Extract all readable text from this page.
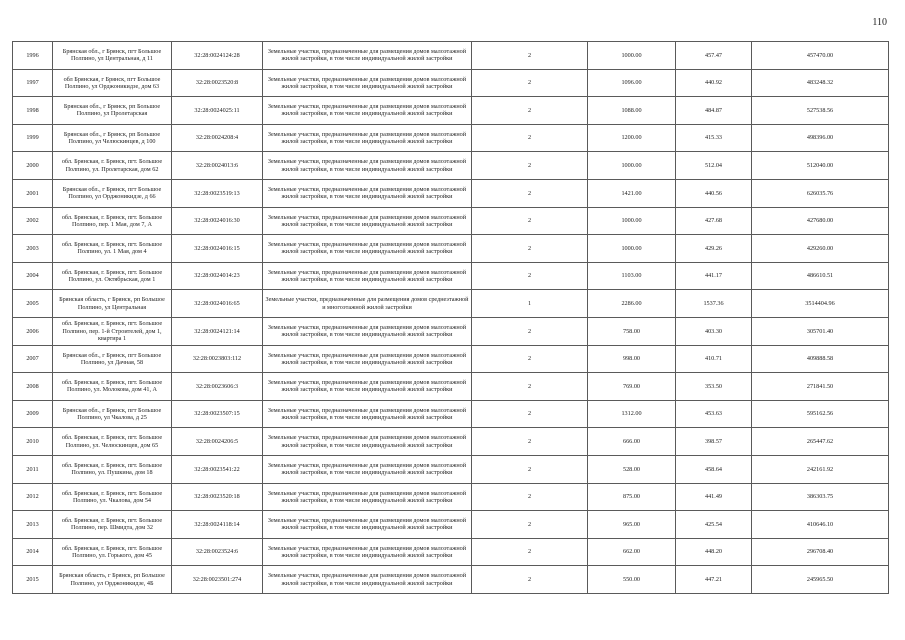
110
1996	Брянская обл., г Брянск, пгт Большое Полпино, ул Центральная, д 11	32:28:0024124:28	Земельные участки, предназначенные для размещения домов малоэтажной жилой застройки, в том числе индивидуальной жилой застройки	2	1000.00	457.47	457470.00
1997	обл Брянская, г Брянск, пгт Большое Полпино, ул Орджоникидзе, дом 63	32:28:0023520:8	Земельные участки, предназначенные для размещения домов малоэтажной жилой застройки, в том числе индивидуальной жилой застройки	2	1096.00	440.92	483248.32
1998	Брянская обл., г Брянск, рп Большое Полпино, ул Пролетарская	32:28:0024025:11	Земельные участки, предназначенные для размещения домов малоэтажной жилой застройки, в том числе индивидуальной жилой застройки	2	1088.00	484.87	527538.56
1999	Брянская обл., г Брянск, рп Большое Полпино, ул Челюскинцев, д 100	32:28:0024208:4	Земельные участки, предназначенные для размещения домов малоэтажной жилой застройки, в том числе индивидуальной жилой застройки	2	1200.00	415.33	498396.00
2000	обл. Брянская, г. Брянск, пгт. Большое Полпино, ул. Пролетарская, дом 62	32:28:0024013:6	Земельные участки, предназначенные для размещения домов малоэтажной жилой застройки, в том числе индивидуальной жилой застройки	2	1000.00	512.04	512040.00
2001	Брянская обл., г Брянск, пгт Большое Полпино, ул Орджоникидзе, д 66	32:28:0023519:13	Земельные участки, предназначенные для размещения домов малоэтажной жилой застройки, в том числе индивидуальной жилой застройки	2	1421.00	440.56	626035.76
2002	обл. Брянская, г. Брянск, пгт. Большое Полпино, пер. 1 Мая, дом 7, А	32:28:0024016:30	Земельные участки, предназначенные для размещения домов малоэтажной жилой застройки, в том числе индивидуальной жилой застройки	2	1000.00	427.68	427680.00
2003	обл. Брянская, г. Брянск, пгт. Большое Полпино, ул. 1 Мая, дом 4	32:28:0024016:15	Земельные участки, предназначенные для размещения домов малоэтажной жилой застройки, в том числе индивидуальной жилой застройки	2	1000.00	429.26	429260.00
2004	обл. Брянская, г. Брянск, пгт. Большое Полпино, ул. Октябрьская, дом 1	32:28:0024014:23	Земельные участки, предназначенные для размещения домов малоэтажной жилой застройки, в том числе индивидуальной жилой застройки	2	1103.00	441.17	486610.51
2005	Брянская область, г Брянск, рп Большое Полпино, ул Центральная	32:28:0024016:65	Земельные участки, предназначенные для размещения домов среднеэтажной и многоэтажной жилой застройки	1	2286.00	1537.36	3514404.96
2006	обл. Брянская, г. Брянск, пгт. Большое Полпино, пер. 1-й Строителей, дом 1, квартира 1	32:28:0024121:14	Земельные участки, предназначенные для размещения домов малоэтажной жилой застройки, в том числе индивидуальной жилой застройки	2	758.00	403.30	305701.40
2007	Брянская обл., г Брянск, пгт Большое Полпино, ул Дачная, 58	32:28:0023803:112	Земельные участки, предназначенные для размещения домов малоэтажной жилой застройки, в том числе индивидуальной жилой застройки	2	998.00	410.71	409888.58
2008	обл. Брянская, г. Брянск, пгт. Большое Полпино, ул. Молокова, дом 41, А	32:28:0023606:3	Земельные участки, предназначенные для размещения домов малоэтажной жилой застройки, в том числе индивидуальной жилой застройки	2	769.00	353.50	271841.50
2009	Брянская обл., г Брянск, пгт Большое Полпино, ул Чкалова, д 25	32:28:0023507:15	Земельные участки, предназначенные для размещения домов малоэтажной жилой застройки, в том числе индивидуальной жилой застройки	2	1312.00	453.63	595162.56
2010	обл. Брянская, г. Брянск, пгт. Большое Полпино, ул. Челюскинцев, дом 65	32:28:0024206:5	Земельные участки, предназначенные для размещения домов малоэтажной жилой застройки, в том числе индивидуальной жилой застройки	2	666.00	398.57	265447.62
2011	обл. Брянская, г. Брянск, пгт. Большое Полпино, ул. Пушкина, дом 18	32:28:0023541:22	Земельные участки, предназначенные для размещения домов малоэтажной жилой застройки, в том числе индивидуальной жилой застройки	2	528.00	458.64	242161.92
2012	обл. Брянская, г. Брянск, пгт. Большое Полпино, ул. Чкалова, дом 54	32:28:0023520:18	Земельные участки, предназначенные для размещения домов малоэтажной жилой застройки, в том числе индивидуальной жилой застройки	2	875.00	441.49	386303.75
2013	обл. Брянская, г. Брянск, пгт. Большое Полпино, пер. Шмидта, дом 32	32:28:0024118:14	Земельные участки, предназначенные для размещения домов малоэтажной жилой застройки, в том числе индивидуальной жилой застройки	2	965.00	425.54	410646.10
2014	обл. Брянская, г. Брянск, пгт. Большое Полпино, ул. Горького, дом 45	32:28:0023524:6	Земельные участки, предназначенные для размещения домов малоэтажной жилой застройки, в том числе индивидуальной жилой застройки	2	662.00	448.20	296708.40
2015	Брянская область, г Брянск, рп Большое Полпино, ул Орджоникидзе, 4Б	32:28:0023501:274	Земельные участки, предназначенные для размещения домов малоэтажной жилой застройки, в том числе индивидуальной жилой застройки	2	550.00	447.21	245965.50
